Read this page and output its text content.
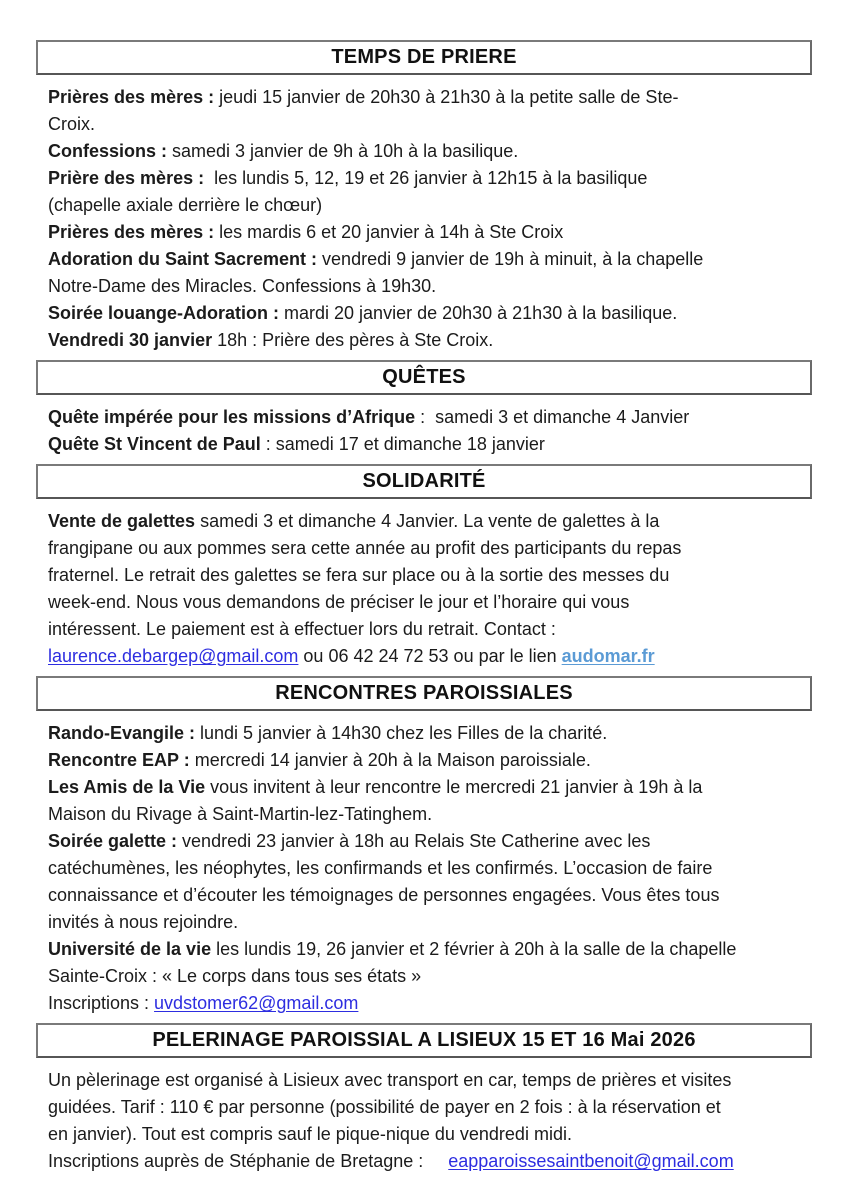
TEMPS DE PRIERE
Prières des mères : jeudi 15 janvier de 20h30 à 21h30 à la petite salle de Ste-
Croix.
Confessions : samedi 3 janvier de 9h à 10h à la basilique.
Prière des mères :  les lundis 5, 12, 19 et 26 janvier à 12h15 à la basilique
(chapelle axiale derrière le chœur)
Prières des mères : les mardis 6 et 20 janvier à 14h à Ste Croix
Adoration du Saint Sacrement : vendredi 9 janvier de 19h à minuit, à la chapelle
Notre-Dame des Miracles. Confessions à 19h30.
Soirée louange-Adoration : mardi 20 janvier de 20h30 à 21h30 à la basilique.
Vendredi 30 janvier 18h : Prière des pères à Ste Croix.
QUÊTES
Quête impérée pour les missions d’Afrique :  samedi 3 et dimanche 4 Janvier
Quête St Vincent de Paul : samedi 17 et dimanche 18 janvier
SOLIDARITÉ
Vente de galettes samedi 3 et dimanche 4 Janvier. La vente de galettes à la
frangipane ou aux pommes sera cette année au profit des participants du repas
fraternel. Le retrait des galettes se fera sur place ou à la sortie des messes du
week-end. Nous vous demandons de préciser le jour et l’horaire qui vous
intéressent. Le paiement est à effectuer lors du retrait. Contact :
laurence.debargep@gmail.com ou 06 42 24 72 53 ou par le lien audomar.fr
RENCONTRES PAROISSIALES
Rando-Evangile : lundi 5 janvier à 14h30 chez les Filles de la charité.
Rencontre EAP : mercredi 14 janvier à 20h à la Maison paroissiale.
Les Amis de la Vie vous invitent à leur rencontre le mercredi 21 janvier à 19h à la
Maison du Rivage à Saint-Martin-lez-Tatinghem.
Soirée galette : vendredi 23 janvier à 18h au Relais Ste Catherine avec les
catéchumènes, les néophytes, les confirmands et les confirmés. L’occasion de faire
connaissance et d’écouter les témoignages de personnes engagées. Vous êtes tous
invités à nous rejoindre.
Université de la vie les lundis 19, 26 janvier et 2 février à 20h à la salle de la chapelle
Sainte-Croix : « Le corps dans tous ses états »
Inscriptions : uvdstomer62@gmail.com
PELERINAGE PAROISSIAL A LISIEUX 15 ET 16 Mai 2026
Un pèlerinage est organisé à Lisieux avec transport en car, temps de prières et visites
guidées. Tarif : 110 € par personne (possibilité de payer en 2 fois : à la réservation et
en janvier). Tout est compris sauf le pique-nique du vendredi midi.
Inscriptions auprès de Stéphanie de Bretagne :     eapparoissesaintbenoit@gmail.com
